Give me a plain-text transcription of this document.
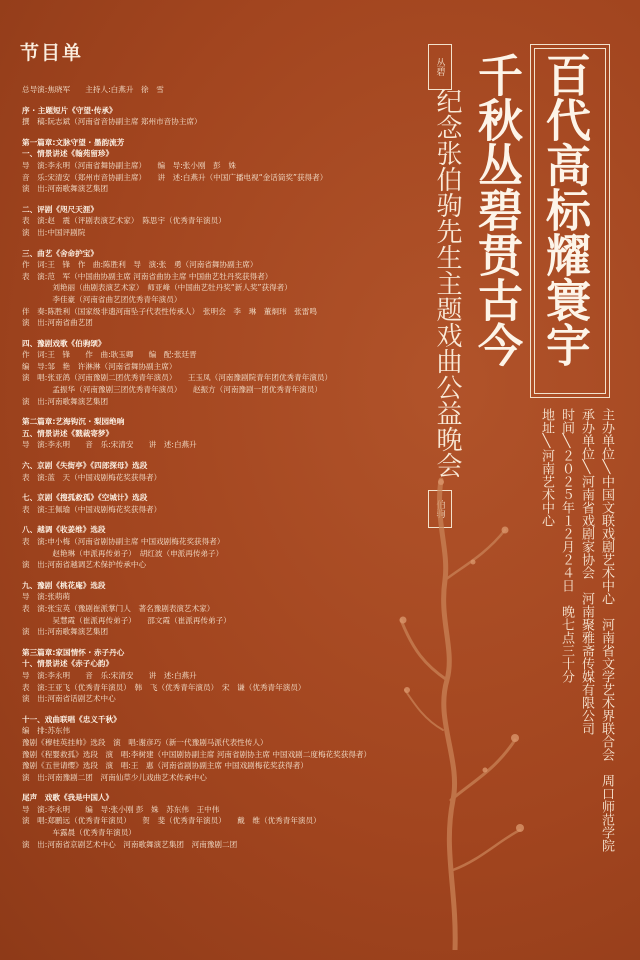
节目单
总导演:焦晓军　　主持人:白燕升　徐　雪
序 · 主题短片《守望·传承》
撰　稿:阮志斌（河南省音协副主席 郑州市音协主席）
第一篇章:文脉守望 · 墨韵流芳
一、情景讲述《翰苑留珍》
导　演:李永明（河南省舞协副主席）　　编　导:张小刚　彭　姝
音　乐:宋清安（郑州市音协副主席）　　讲　述:白燕升（中国广播电视“金话筒奖”获得者）
演　出:河南歌舞演艺集团
二、评剧《咫尺天涯》
表　演:赵　震（评剧表演艺术家）　陈思宇（优秀青年演员）
演　出:中国评剧院
三、曲艺《舍命护宝》
作　词:王　锋　作　曲:陈胜利　导　演:张　勇（河南省舞协副主席）
表　演:范　军（中国曲协副主席 河南省曲协主席 中国曲艺牡丹奖获得者）
　　　　刘艳丽（曲剧表演艺术家）　师亚峰（中国曲艺牡丹奖“新人奖”获得者）
　　　　李佳豪（河南省曲艺团优秀青年演员）
伴　奏:陈胜利（国家级非遗河南坠子代表性传承人）　张明会　李　琳　董炯玮　张雷鸣
演　出:河南省曲艺团
四、豫剧戏歌《伯驹颂》
作　词:王　锋　　作　曲:耿玉卿　　编　配:张廷晋
编　导:邹　艳　许淋淋（河南省舞协副主席）
演　唱:张亚鸽（河南豫剧二团优秀青年演员）　　王玉凤（河南豫剧院青年团优秀青年演员）
　　　　孟振华（河南豫剧三团优秀青年演员）　　赵振方（河南豫剧一团优秀青年演员）
演　出:河南歌舞演艺集团
第二篇章:艺海钩沉 · 梨园绝响
五、情景讲述《戮裁寄梦》
导　演:李永明　　音　乐:宋清安　　讲　述:白燕升
六、京剧《失街亭》《四郎探母》选段
表　演:蓝　天（中国戏剧梅花奖获得者）
七、京剧《搜孤救孤》《空城计》选段
表　演:王佩瑜（中国戏剧梅花奖获得者）
八、越调《收姜维》选段
表　演:申小梅（河南省剧协副主席 中国戏剧梅花奖获得者）
　　　　赵艳琳（申派再传弟子）　胡红波（申派再传弟子）
演　出:河南省越调艺术保护传承中心
九、豫剧《桃花庵》选段
导　演:张萌萌
表　演:张宝英（豫剧崔派掌门人　著名豫剧表演艺术家）
　　　　吴慧霞（崔派再传弟子）　　邵文霞（崔派再传弟子）
演　出:河南歌舞演艺集团
第三篇章:家国情怀 · 赤子丹心
十、情景讲述《赤子心韵》
导　演:李永明　　音　乐:宋清安　　讲　述:白燕升
表　演:王亚飞（优秀青年演员）　韩　飞（优秀青年演员）　宋　谦（优秀青年演员）
演　出:河南省话剧艺术中心
十一、戏曲联唱《忠义千秋》
编　排:苏东伟
豫剧《穆桂英挂帅》选段　演　唱:谢彦巧（新一代豫剧马派代表性传人）
豫剧《程婴救孤》选段　演　唱:李树建（中国剧协副主席 河南省剧协主席 中国戏剧二度梅花奖获得者）
豫剧《五世请缨》选段　演　唱:王　惠（河南省剧协副主席 中国戏剧梅花奖获得者）
演　出:河南豫剧二团　河南仙草少儿戏曲艺术传承中心
尾声　戏歌《我是中国人》
导　演:李永明　　编　导:张小刚 彭　姝　苏东伟　王中伟
演　唱:郑鹏远（优秀青年演员）　　贺　斐（优秀青年演员）　　戴　维（优秀青年演员）
　　　　车露晨（优秀青年演员）
演　出:河南省京剧艺术中心　河南歌舞演艺集团　河南豫剧二团
百代高标耀寰宇
千秋丛碧贯古今
丛碧
纪念张伯驹先生主题戏曲公益晚会
伯驹	主办单位╲中国文联戏剧艺术中心　河南省文学艺术界联合会　周口师范学院
承办单位╲河南省戏剧家协会　河南聚雅斋传媒有限公司
时间╲２０２５年１２月２４日　晚七点三十分
地址╲河南艺术中心
